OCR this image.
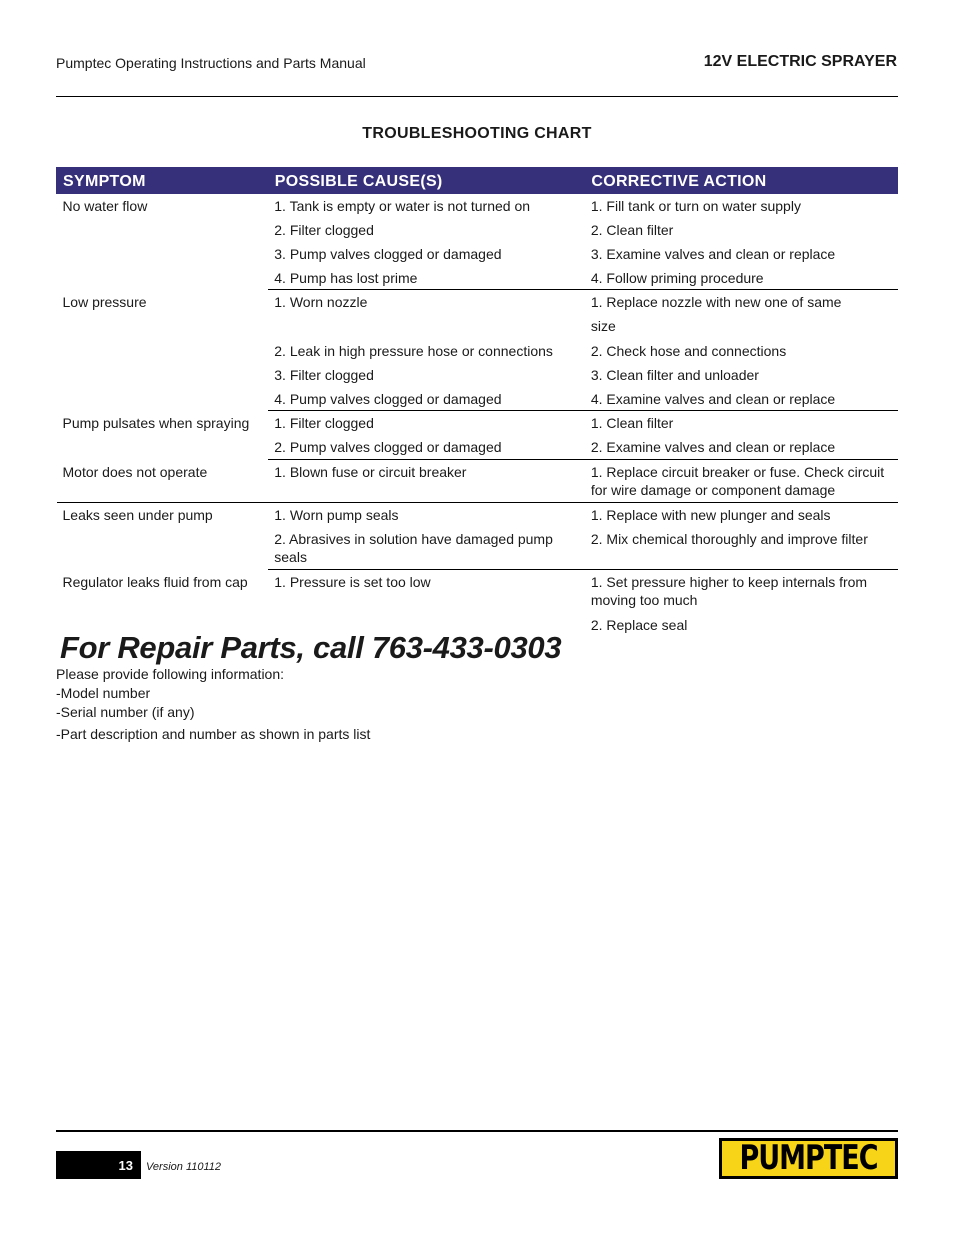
Pumptec Operating Instructions and Parts Manual	12V ELECTRIC SPRAYER
TROUBLESHOOTING CHART
SYMPTOM	POSSIBLE CAUSE(S)	CORRECTIVE ACTION
No water flow	1. Tank is empty or water is not turned on	1. Fill tank or turn on water supply
	2. Filter clogged	2. Clean filter
	3. Pump valves clogged or damaged	3. Examine valves and clean or replace
	4. Pump has lost prime	4. Follow priming procedure
Low pressure	1. Worn nozzle	1. Replace nozzle with new one of same
		size
	2. Leak in high pressure hose or connections	2. Check hose and connections
	3. Filter clogged	3. Clean filter and unloader
	4. Pump valves clogged or damaged	4. Examine valves and clean or replace
Pump pulsates when spraying	1. Filter clogged	1. Clean filter
	2. Pump valves clogged or damaged	2. Examine valves and clean or replace
Motor does not operate	1. Blown fuse or circuit breaker	1. Replace circuit breaker or fuse. Check circuit for wire damage or component damage
Leaks seen under pump	1. Worn pump seals	1. Replace with new plunger and seals
	2. Abrasives in solution have damaged pump seals	2. Mix chemical thoroughly and improve filter
Regulator leaks fluid from cap	1. Pressure is set too low	1. Set pressure higher to keep internals from moving too much
		2. Replace seal
For Repair Parts, call 763-433-0303
Please provide following information:
-Model number
-Serial number (if any)
-Part description and number as shown in parts list
13	Version 110112	PUMPTEC
